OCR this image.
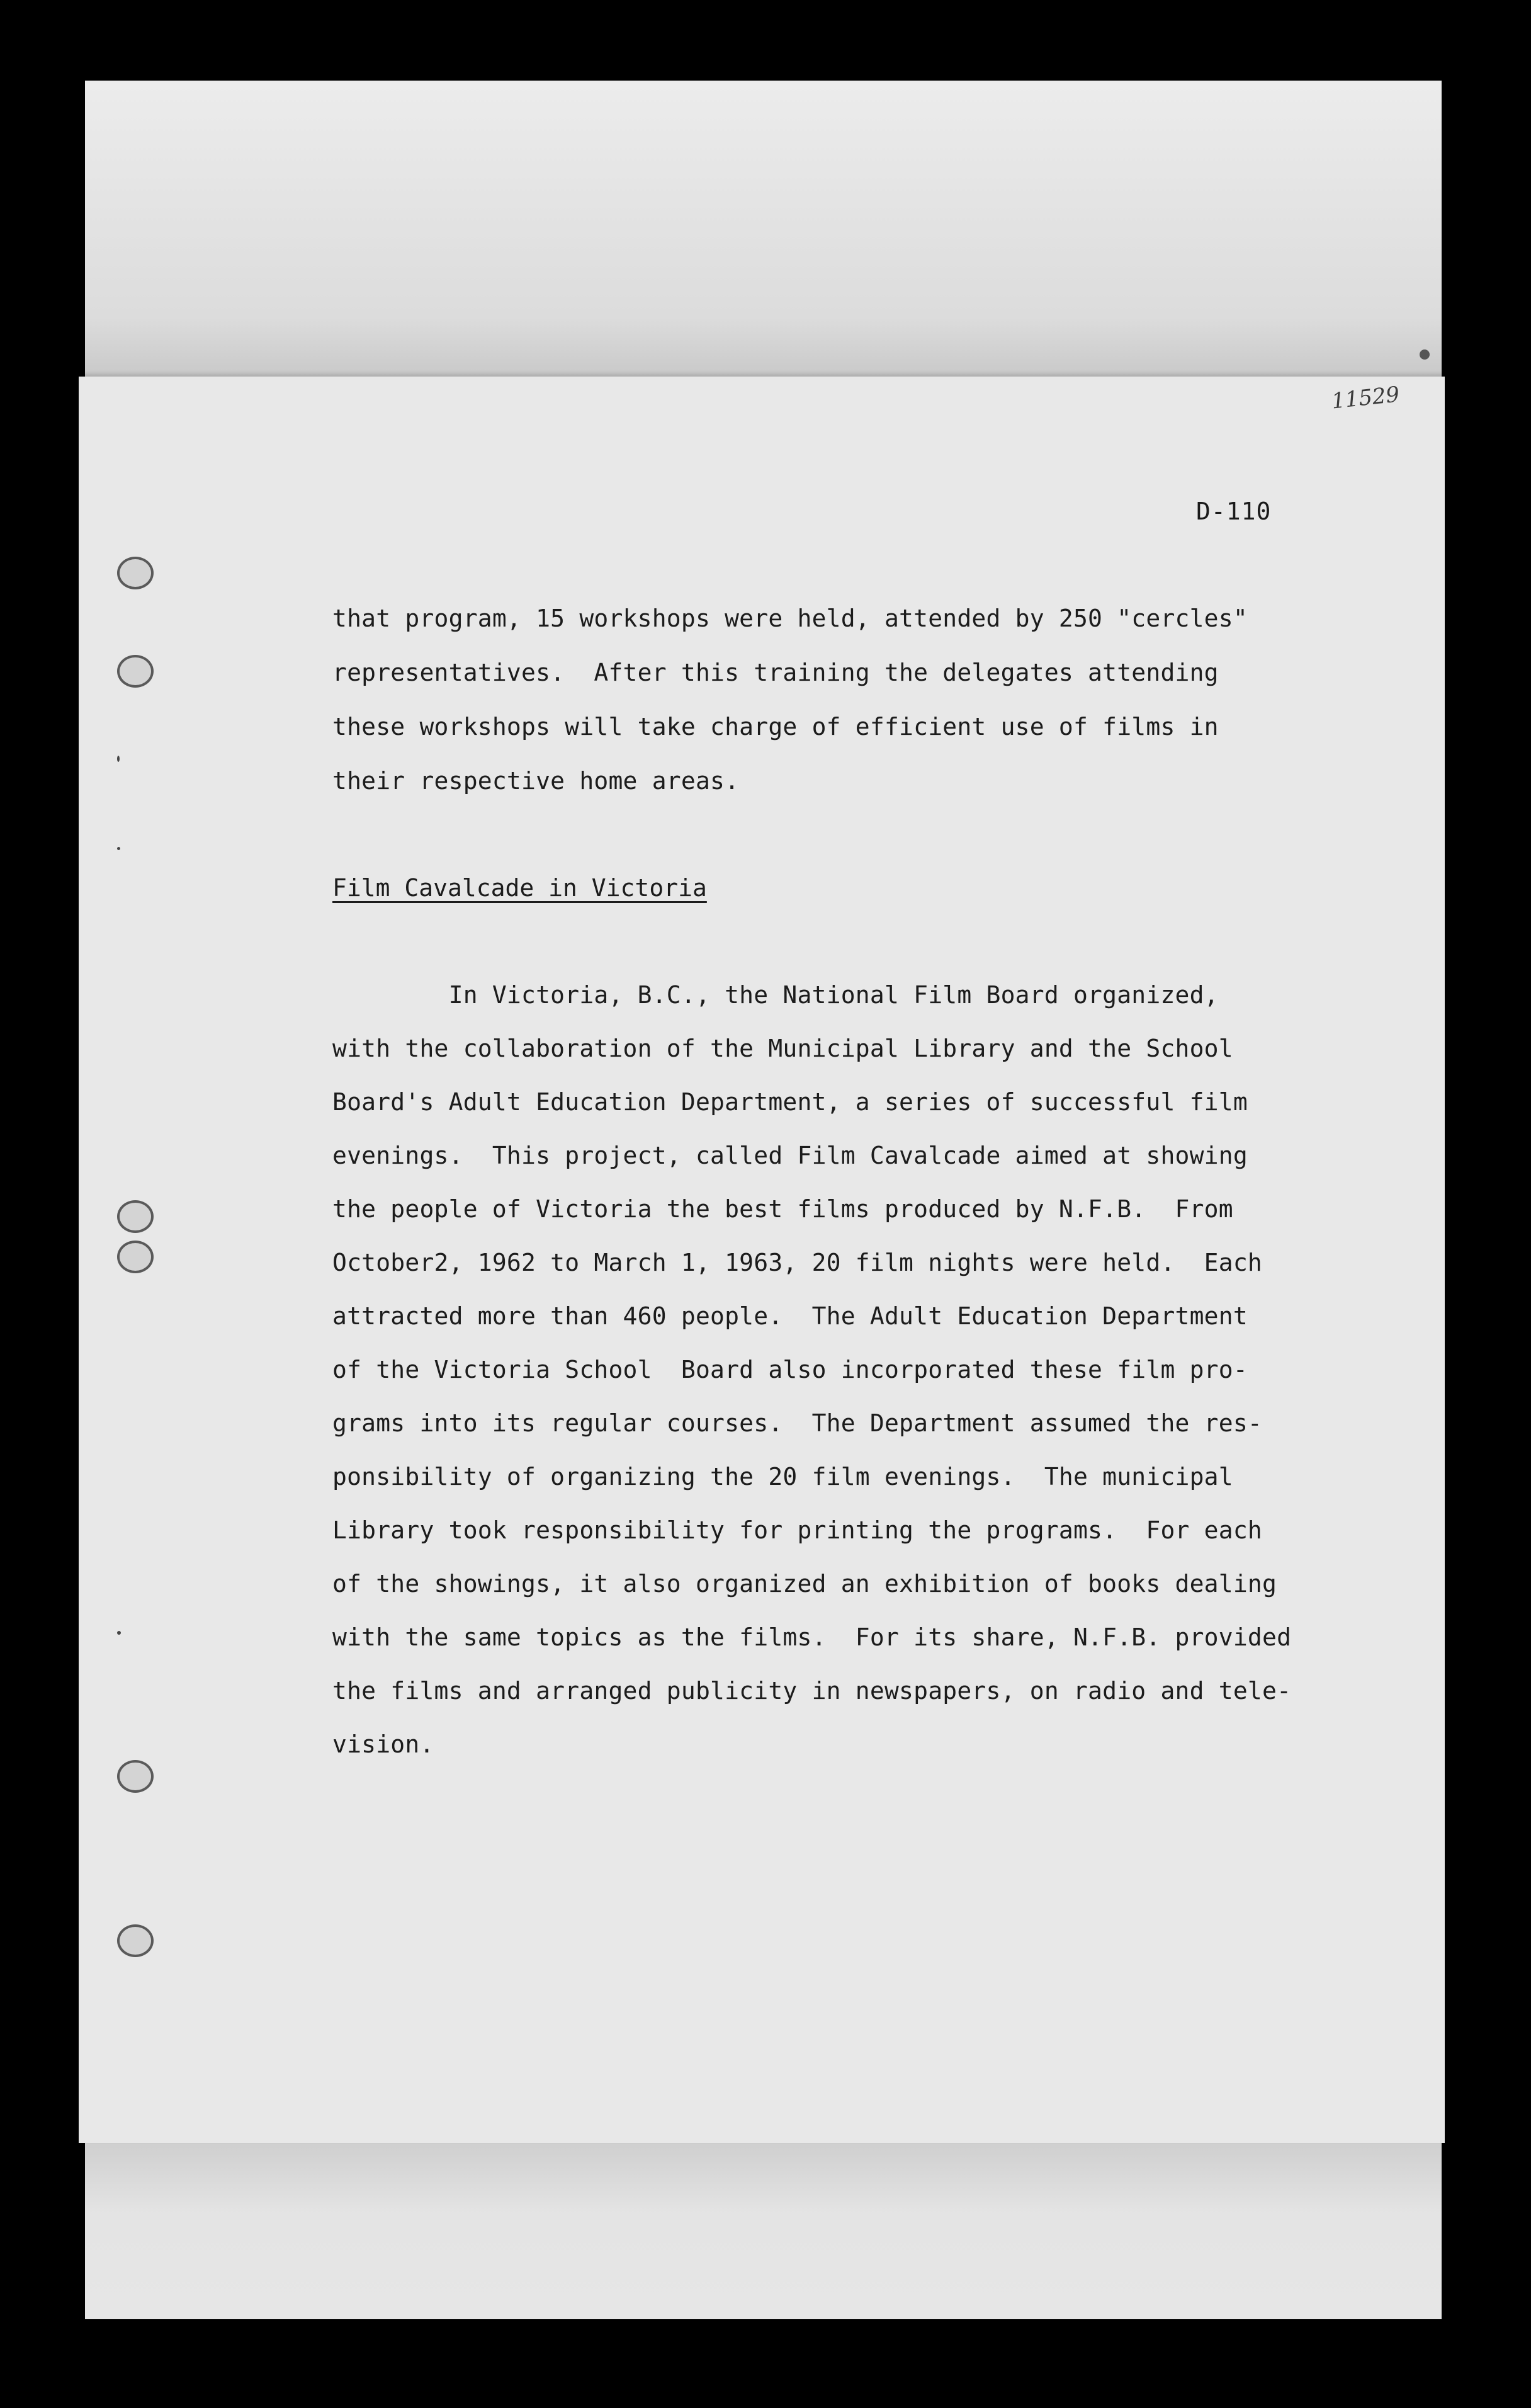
11529
D-110
that program, 15 workshops were held, attended by 250 "cercles"
representatives.  After this training the delegates attending
these workshops will take charge of efficient use of films in
their respective home areas.
Film Cavalcade in Victoria
In Victoria, B.C., the National Film Board organized,
with the collaboration of the Municipal Library and the School
Board's Adult Education Department, a series of successful film
evenings.  This project, called Film Cavalcade aimed at showing
the people of Victoria the best films produced by N.F.B.  From
October2, 1962 to March 1, 1963, 20 film nights were held.  Each
attracted more than 460 people.  The Adult Education Department
of the Victoria School  Board also incorporated these film pro-
grams into its regular courses.  The Department assumed the res-
ponsibility of organizing the 20 film evenings.  The municipal
Library took responsibility for printing the programs.  For each
of the showings, it also organized an exhibition of books dealing
with the same topics as the films.  For its share, N.F.B. provided
the films and arranged publicity in newspapers, on radio and tele-
vision.
